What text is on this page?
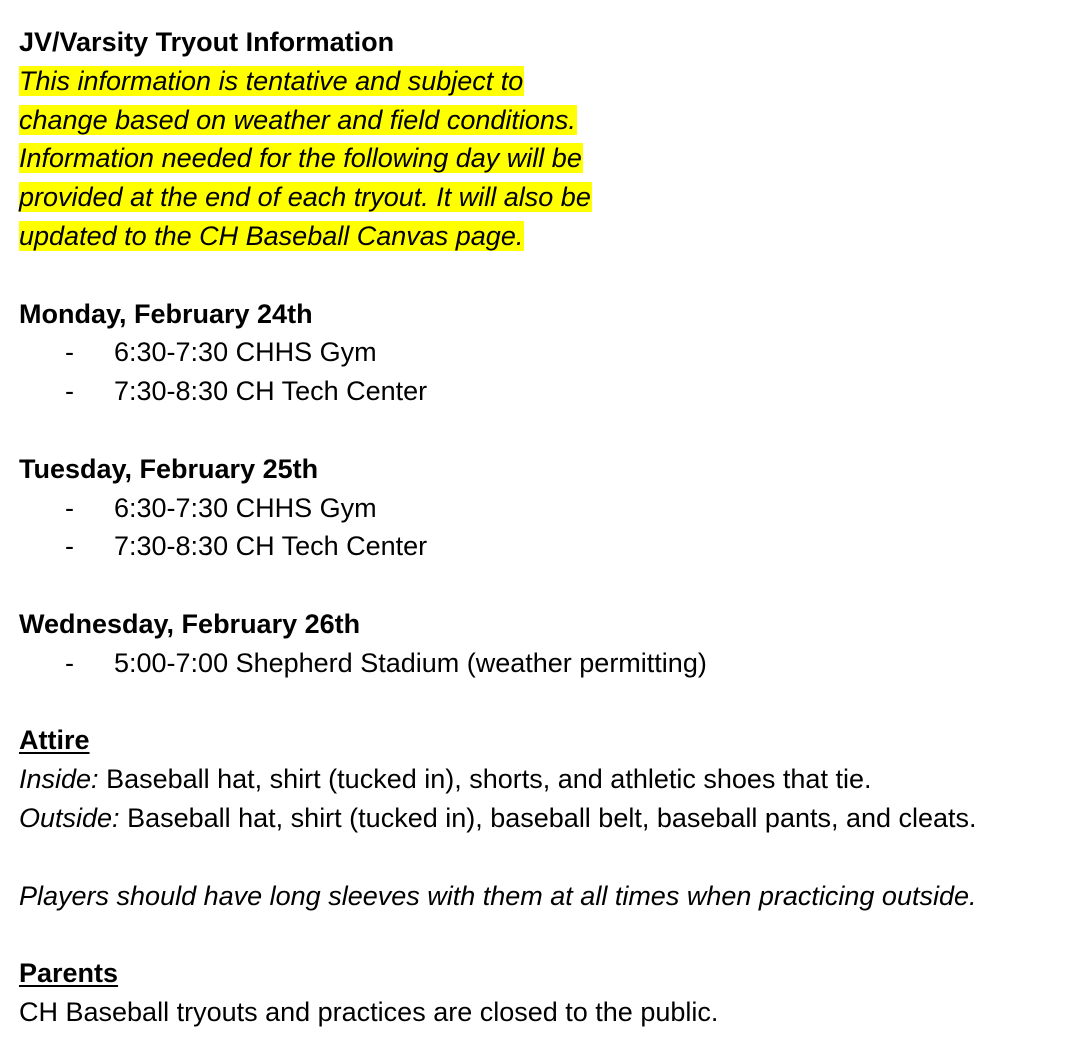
JV/Varsity Tryout Information
This information is tentative and subject to
change based on weather and field conditions.
Information needed for the following day will be
provided at the end of each tryout. It will also be
updated to the CH Baseball Canvas page.
Monday, February 24th
- 6:30-7:30 CHHS Gym
- 7:30-8:30 CH Tech Center
Tuesday, February 25th
- 6:30-7:30 CHHS Gym
- 7:30-8:30 CH Tech Center
Wednesday, February 26th
- 5:00-7:00 Shepherd Stadium (weather permitting)
Attire
Inside: Baseball hat, shirt (tucked in), shorts, and athletic shoes that tie.
Outside: Baseball hat, shirt (tucked in), baseball belt, baseball pants, and cleats.
Players should have long sleeves with them at all times when practicing outside.
Parents
CH Baseball tryouts and practices are closed to the public.
